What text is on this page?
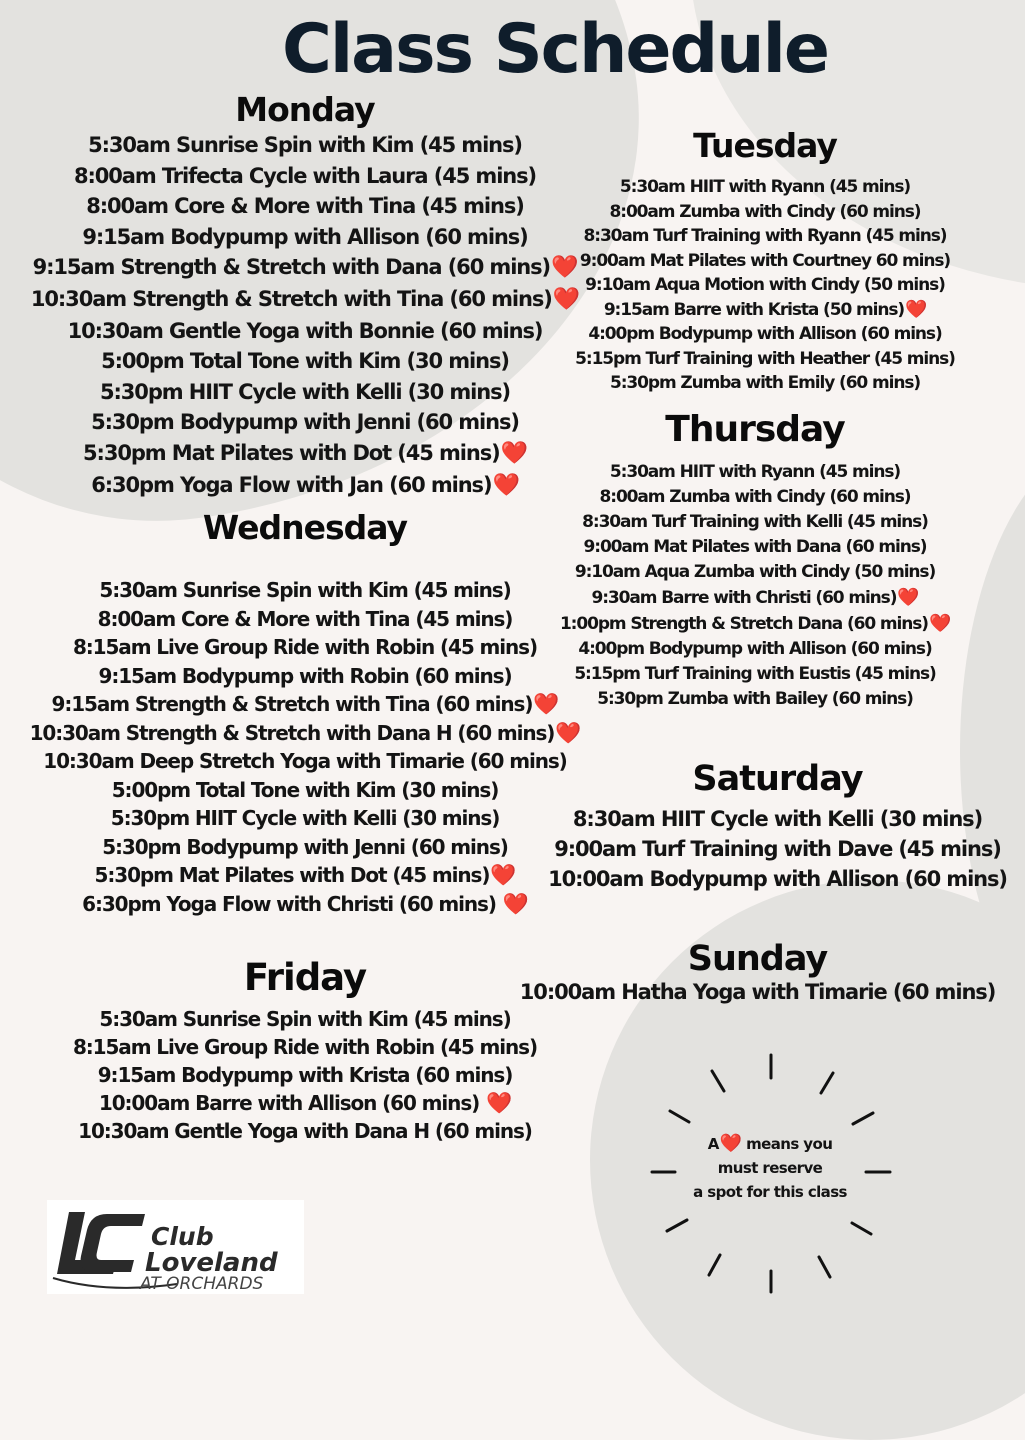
Class Schedule
Monday
5:30am Sunrise Spin with Kim (45 mins)
8:00am Trifecta Cycle with Laura (45 mins)
8:00am Core & More with Tina (45 mins)
9:15am Bodypump with Allison (60 mins)
9:15am Strength & Stretch with Dana (60 mins)❤️
10:30am Strength & Stretch with Tina (60 mins)❤️
10:30am Gentle Yoga with Bonnie (60 mins)
5:00pm Total Tone with Kim (30 mins)
5:30pm HIIT Cycle with Kelli (30 mins)
5:30pm Bodypump with Jenni (60 mins)
5:30pm Mat Pilates with Dot (45 mins)❤️
6:30pm Yoga Flow with Jan (60 mins)❤️
Wednesday
5:30am Sunrise Spin with Kim (45 mins)
8:00am Core & More with Tina (45 mins)
8:15am Live Group Ride with Robin (45 mins)
9:15am Bodypump with Robin (60 mins)
9:15am Strength & Stretch with Tina (60 mins)❤️
10:30am Strength & Stretch with Dana H (60 mins)❤️
10:30am Deep Stretch Yoga with Timarie (60 mins)
5:00pm Total Tone with Kim (30 mins)
5:30pm HIIT Cycle with Kelli (30 mins)
5:30pm Bodypump with Jenni (60 mins)
5:30pm Mat Pilates with Dot (45 mins)❤️
6:30pm Yoga Flow with Christi (60 mins) ❤️
Friday
5:30am Sunrise Spin with Kim (45 mins)
8:15am Live Group Ride with Robin (45 mins)
9:15am Bodypump with Krista (60 mins)
10:00am Barre with Allison (60 mins) ❤️
10:30am Gentle Yoga with Dana H (60 mins)
Tuesday
5:30am HIIT with Ryann (45 mins)
8:00am Zumba with Cindy (60 mins)
8:30am Turf Training with Ryann (45 mins)
9:00am Mat Pilates with Courtney 60 mins)
9:10am Aqua Motion with Cindy (50 mins)
9:15am Barre with Krista (50 mins)❤️
4:00pm Bodypump with Allison (60 mins)
5:15pm Turf Training with Heather (45 mins)
5:30pm Zumba with Emily (60 mins)
Thursday
5:30am HIIT with Ryann (45 mins)
8:00am Zumba with Cindy (60 mins)
8:30am Turf Training with Kelli (45 mins)
9:00am Mat Pilates with Dana (60 mins)
9:10am Aqua Zumba with Cindy (50 mins)
9:30am Barre with Christi (60 mins)❤️
1:00pm Strength & Stretch Dana (60 mins)❤️
4:00pm Bodypump with Allison (60 mins)
5:15pm Turf Training with Eustis (45 mins)
5:30pm Zumba with Bailey (60 mins)
Saturday
8:30am HIIT Cycle with Kelli (30 mins)
9:00am Turf Training with Dave (45 mins)
10:00am Bodypump with Allison (60 mins)
Sunday
10:00am Hatha Yoga with Timarie (60 mins)
A❤️ means you
must reserve
a spot for this class
Club
Loveland
AT ORCHARDS
